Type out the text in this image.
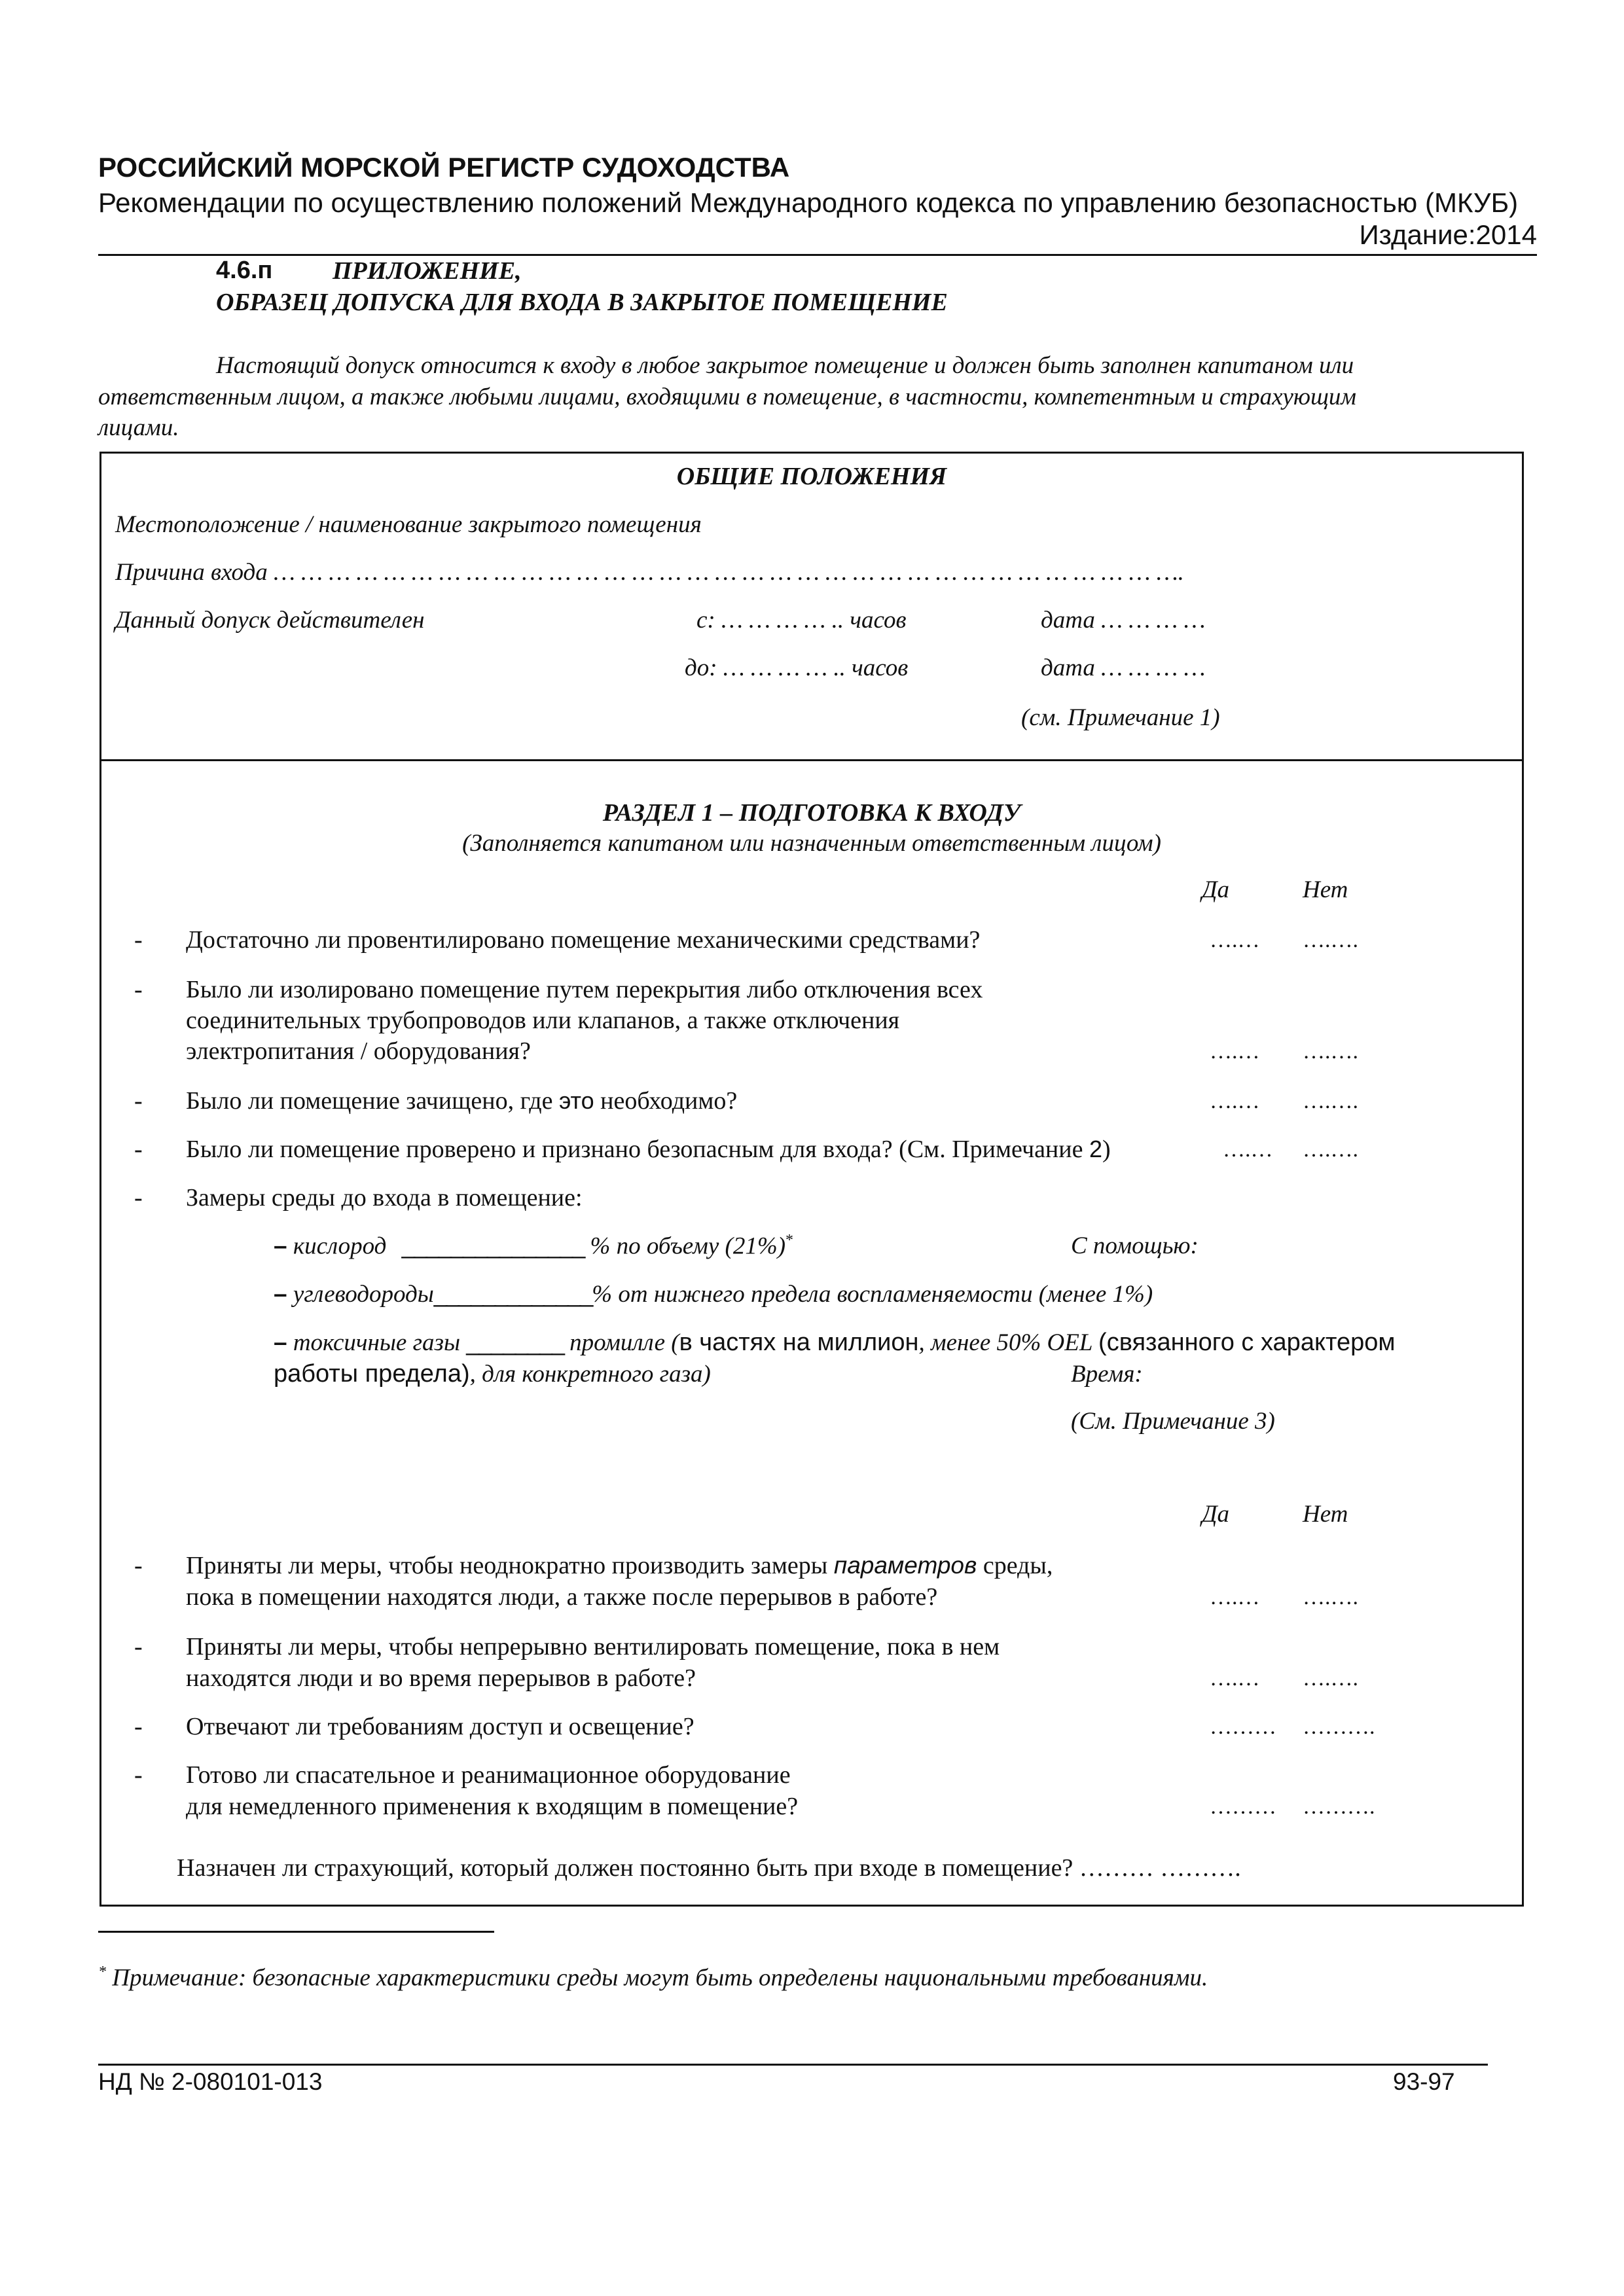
РОССИЙСКИЙ МОРСКОЙ РЕГИСТР СУДОХОДСТВА
Рекомендации по осуществлению положений Международного кодекса по управлению безопасностью (МКУБ)
Издание:2014
4.6.п ПРИЛОЖЕНИЕ,
ОБРАЗЕЦ ДОПУСКА ДЛЯ ВХОДА В ЗАКРЫТОЕ ПОМЕЩЕНИЕ
Настоящий допуск относится к входу в любое закрытое помещение и должен быть заполнен капитаном или
ответственным лицом, а также любыми лицами, входящими в помещение, в частности, компетентным и страхующим
лицами.
ОБЩИЕ ПОЛОЖЕНИЯ
Местоположение / наименование закрытого помещения
Причина входа … … … … … … … … … … … … … … … … … … … … … … … … … … … … … … … … ….
Данный допуск действителен	с: … … … … .. часов	дата … … … …
до: … … … … .. часов	дата … … … …
(см. Примечание 1)
РАЗДЕЛ 1 – ПОДГОТОВКА К ВХОДУ
(Заполняется капитаном или назначенным ответственным лицом)
Да	Нет
- Достаточно ли провентилировано помещение механическими средствами?	….… ….….
- Было ли изолировано помещение путем перекрытия либо отключения всех
соединительных трубопроводов или клапанов, а также отключения
электропитания / оборудования?	….… ….….
- Было ли помещение зачищено, где это необходимо?	….… ….….
- Было ли помещение проверено и признано безопасным для входа? (См. Примечание 2)	….… ….….
- Замеры среды до входа в помещение:
– кислород _______________ % по объему (21%)*	С помощью:
– углеводороды_____________% от нижнего предела воспламеняемости (менее 1%)
– токсичные газы ________ промилле (в частях на миллион, менее 50% OEL (связанного с характером
работы предела), для конкретного газа)	Время:
(См. Примечание 3)
Да	Нет
- Приняты ли меры, чтобы неоднократно производить замеры параметров среды,
пока в помещении находятся люди, а также после перерывов в работе?	….… ….….
- Приняты ли меры, чтобы непрерывно вентилировать помещение, пока в нем
находятся люди и во время перерывов в работе?	….… ….….
- Отвечают ли требованиям доступ и освещение?	……… ……….
- Готово ли спасательное и реанимационное оборудование
для немедленного применения к входящим в помещение?	……… ……….
Назначен ли страхующий, который должен постоянно быть при входе в помещение? ……… ……….
* Примечание: безопасные характеристики среды могут быть определены национальными требованиями.
НД № 2-080101-013	93-97
